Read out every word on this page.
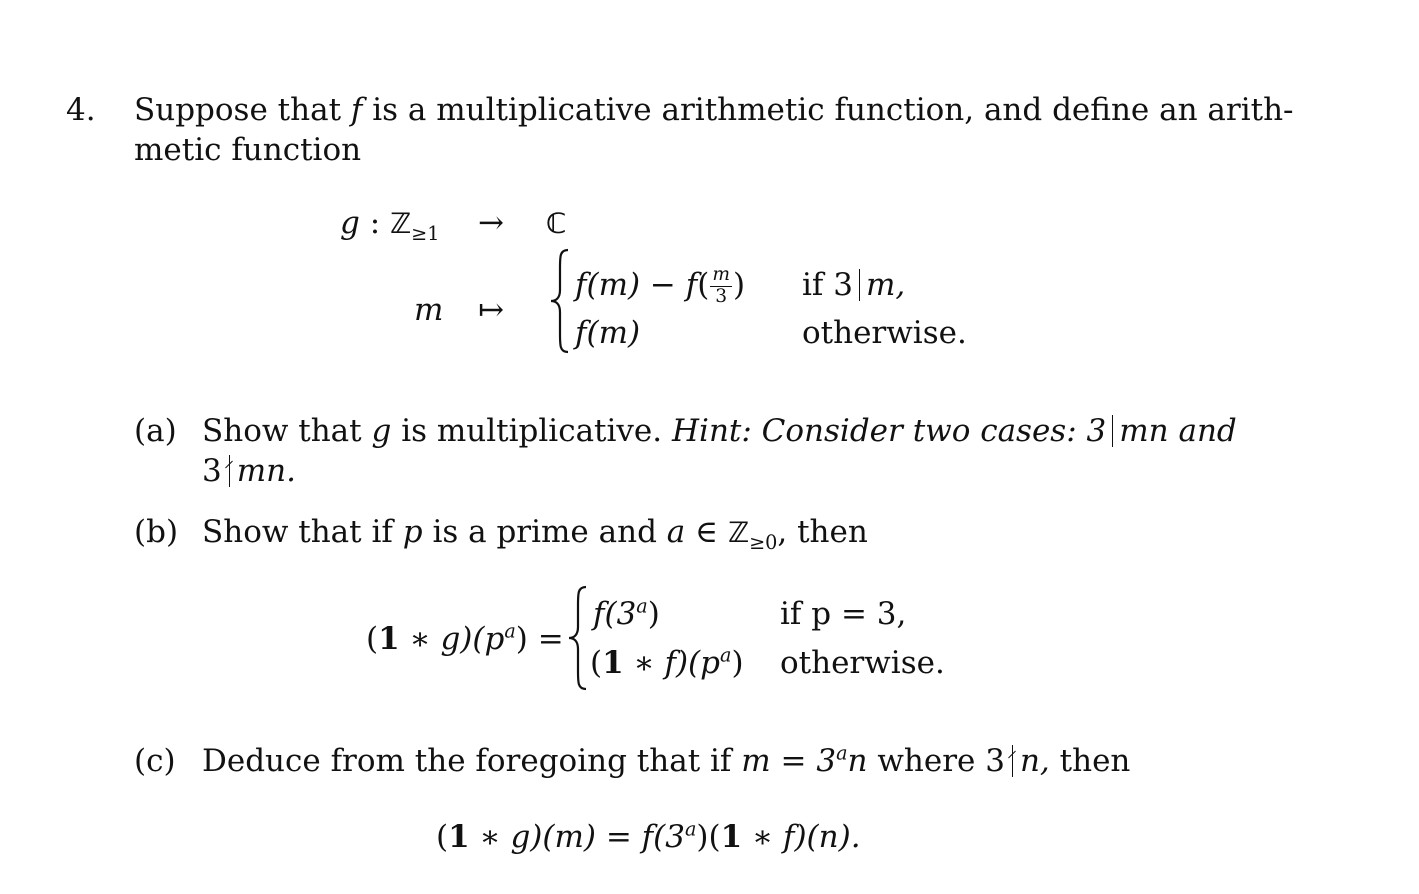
4. Suppose that f is a multiplicative arithmetic function, and define an arith-
metic function
g : ℤ$_{\ge 1}$ → ℂ
m ↦
$f(m) - f( \frac{m}{3}$ ) if 3 m,
f(m)	otherwise.
(a) Show that g is multiplicative. Hint: Consider two cases: 3 mn and
3 mn.
(b) Show that if p is a prime and a ∈ ℤ$_{\ge 0}$, then
(1 ∗ $g)(p^a)$ =
$f(3^a)$	if p = 3,
(1 ∗ $f)(p^a)$ otherwise.
(c) Deduce from the foregoing that if $m = 3^an$ where 3 n, then
(1 ∗ $g)(m) = f(3^a)(1$ ∗ f)(n).
